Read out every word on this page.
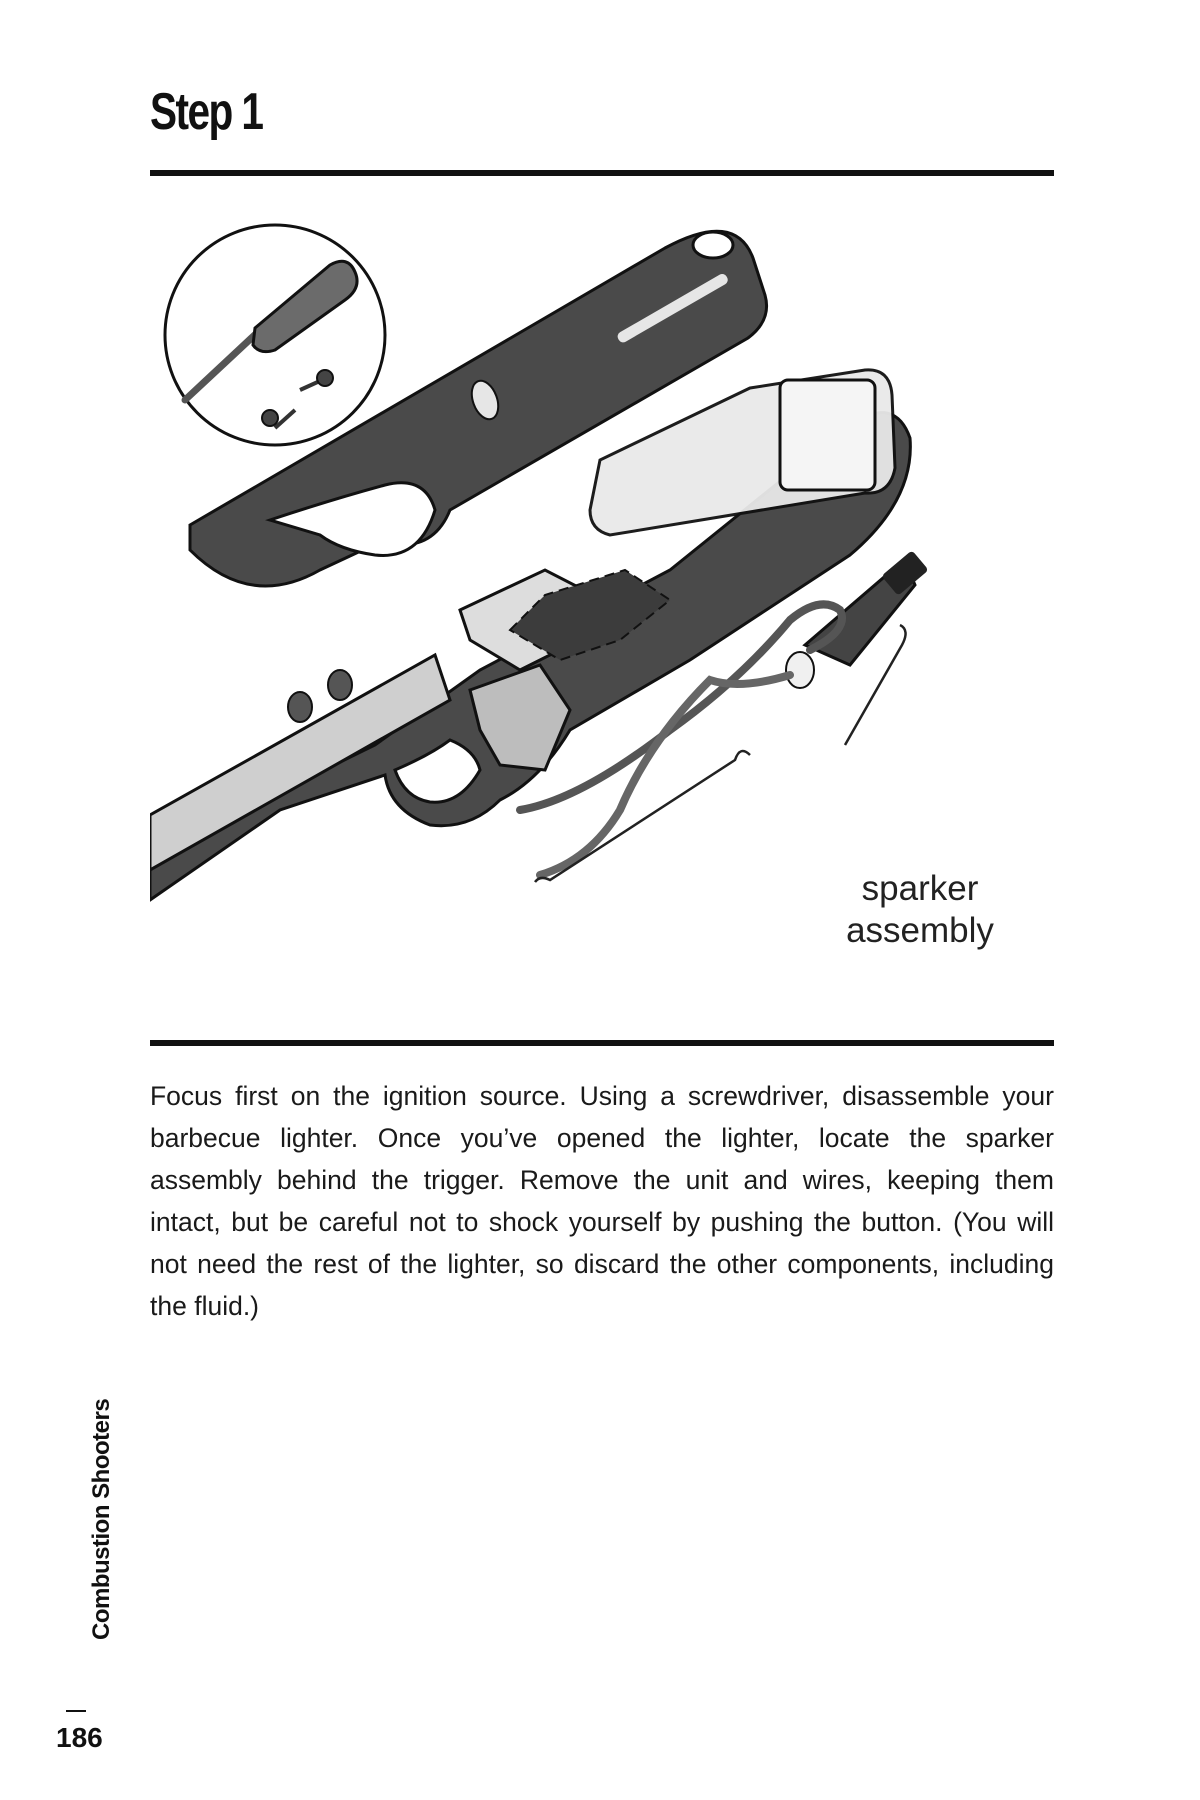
Step 1
sparker
assembly

Focus first on the ignition source. Using a screwdriver, disassemble your barbecue lighter. Once you’ve opened the lighter, locate the sparker assembly behind the trigger. Remove the unit and wires, keeping them intact, but be careful not to shock yourself by pushing the button. (You will not need the rest of the lighter, so discard the other components, including the fluid.)

Combustion Shooters
186
